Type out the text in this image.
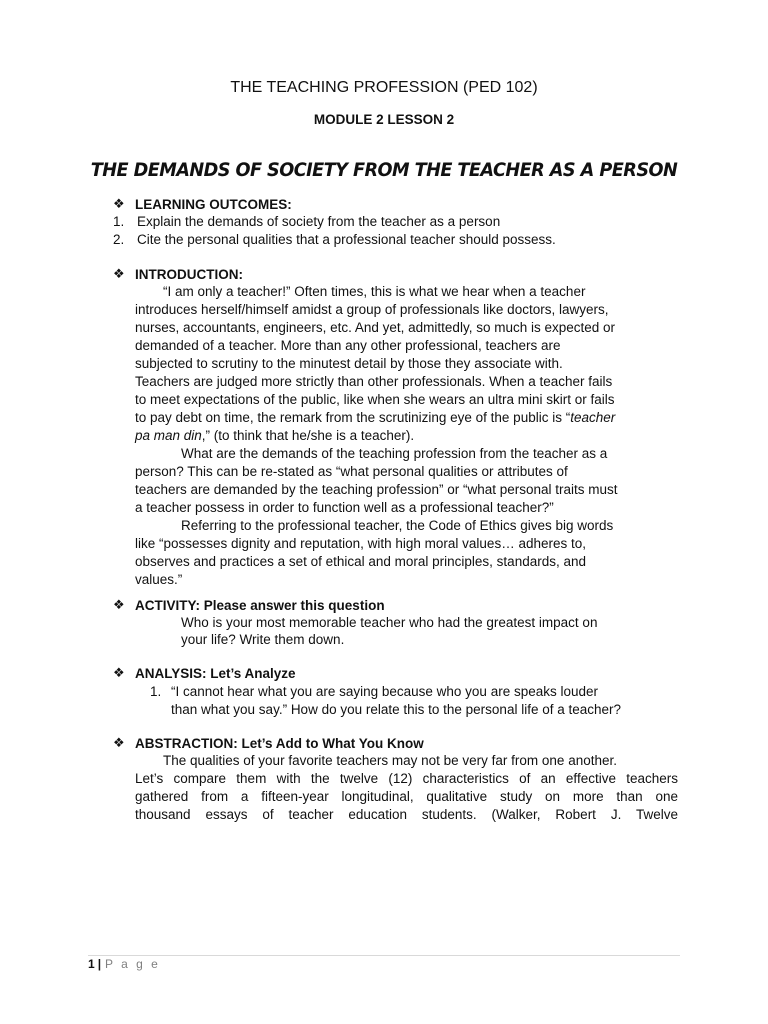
THE TEACHING PROFESSION (PED 102)
MODULE 2 LESSON 2
THE DEMANDS OF SOCIETY FROM THE TEACHER AS A PERSON
❖ LEARNING OUTCOMES:
1. Explain the demands of society from the teacher as a person
2. Cite the personal qualities that a professional teacher should possess.
❖ INTRODUCTION:
“I am only a teacher!” Often times, this is what we hear when a teacher
introduces herself/himself amidst a group of professionals like doctors, lawyers,
nurses, accountants, engineers, etc. And yet, admittedly, so much is expected or
demanded of a teacher. More than any other professional, teachers are
subjected to scrutiny to the minutest detail by those they associate with.
Teachers are judged more strictly than other professionals. When a teacher fails
to meet expectations of the public, like when she wears an ultra mini skirt or fails
to pay debt on time, the remark from the scrutinizing eye of the public is “teacher
pa man din,” (to think that he/she is a teacher).
What are the demands of the teaching profession from the teacher as a
person? This can be re-stated as “what personal qualities or attributes of
teachers are demanded by the teaching profession” or “what personal traits must
a teacher possess in order to function well as a professional teacher?”
Referring to the professional teacher, the Code of Ethics gives big words
like “possesses dignity and reputation, with high moral values… adheres to,
observes and practices a set of ethical and moral principles, standards, and
values.”
❖ ACTIVITY: Please answer this question
Who is your most memorable teacher who had the greatest impact on
your life? Write them down.
❖ ANALYSIS: Let’s Analyze
1. “I cannot hear what you are saying because who you are speaks louder
than what you say.” How do you relate this to the personal life of a teacher?
❖ ABSTRACTION: Let’s Add to What You Know
The qualities of your favorite teachers may not be very far from one another.
Let’s compare them with the twelve (12) characteristics of an effective teachers
gathered from a fifteen-year longitudinal, qualitative study on more than one
thousand essays of teacher education students. (Walker, Robert J. Twelve
1 | P a g e
